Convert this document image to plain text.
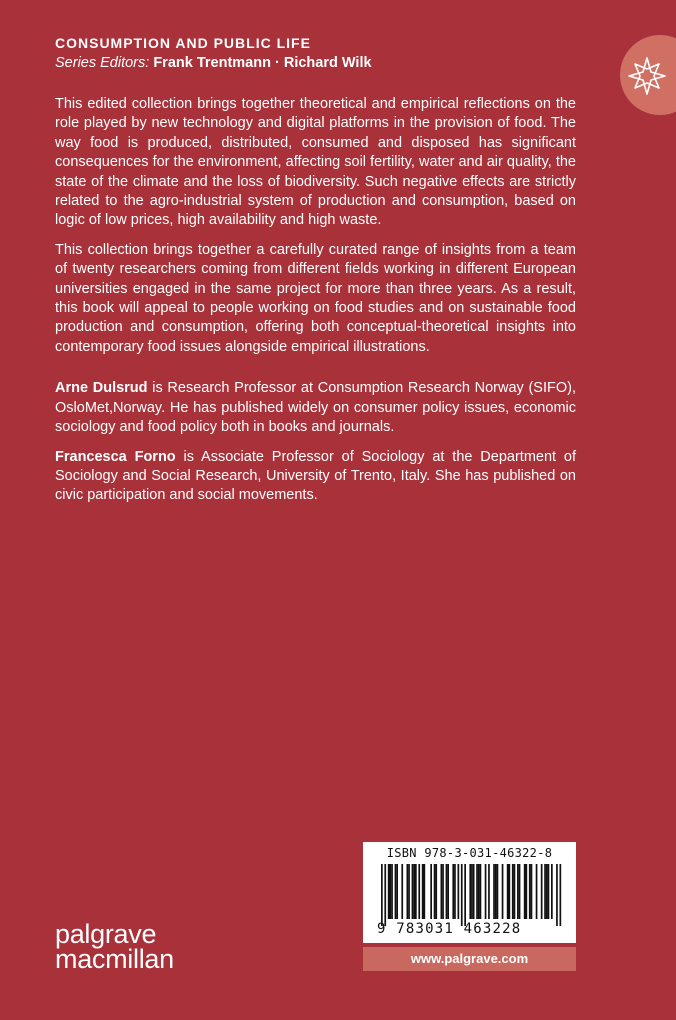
CONSUMPTION AND PUBLIC LIFE
Series Editors: Frank Trentmann · Richard Wilk

This edited collection brings together theoretical and empirical reflections on the role played by new technology and digital platforms in the provision of food. The way food is produced, distributed, consumed and disposed has significant consequences for the environment, affecting soil fertility, water and air quality, the state of the climate and the loss of biodiversity. Such negative effects are strictly related to the agro-industrial system of production and consumption, based on logic of low prices, high availability and high waste.

This collection brings together a carefully curated range of insights from a team of twenty researchers coming from different fields working in different European universities engaged in the same project for more than three years. As a result, this book will appeal to people working on food studies and on sustainable food production and consumption, offering both conceptual-theoretical insights into contemporary food issues alongside empirical illustrations.

Arne Dulsrud is Research Professor at Consumption Research Norway (SIFO), OsloMet,Norway. He has published widely on consumer policy issues, economic sociology and food policy both in books and journals.

Francesca Forno is Associate Professor of Sociology at the Department of Sociology and Social Research, University of Trento, Italy. She has published on civic participation and social movements.

palgrave
macmillan
ISBN 978-3-031-46322-8
9 783031 463228
www.palgrave.com
